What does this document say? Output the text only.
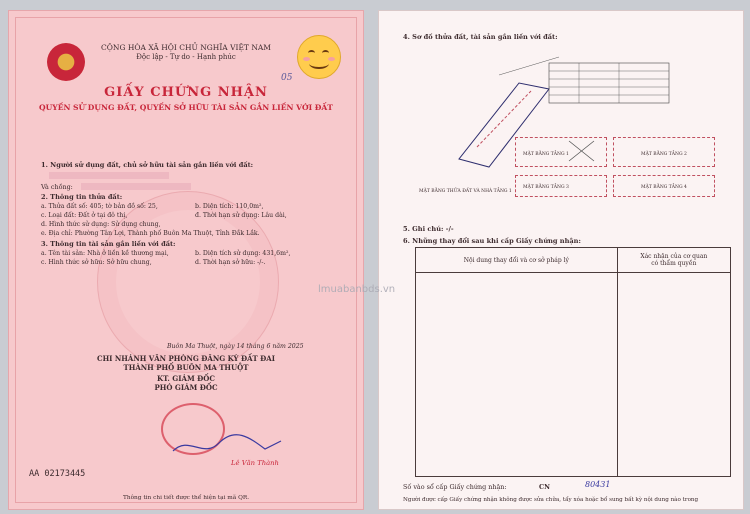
CỘNG HÒA XÃ HỘI CHỦ NGHĨA VIỆT NAM
Độc lập - Tự do - Hạnh phúc
05
GIẤY CHỨNG NHẬN
QUYỀN SỬ DỤNG ĐẤT, QUYỀN SỞ HỮU TÀI SẢN GẮN LIỀN VỚI ĐẤT
1. Người sử dụng đất, chủ sở hữu tài sản gắn liền với đất:
Và chồng:
2. Thông tin thửa đất:
a. Thửa đất số: 405; tờ bản đồ số: 25,	b. Diện tích: 110,0m²,
c. Loại đất: Đất ở tại đô thị,	đ. Thời hạn sử dụng: Lâu dài,
d. Hình thức sử dụng: Sử dụng chung,
e. Địa chỉ: Phường Tân Lợi, Thành phố Buôn Ma Thuột, Tỉnh Đắk Lắk.
3. Thông tin tài sản gắn liền với đất:
a. Tên tài sản: Nhà ở liền kề thương mại,	b. Diện tích sử dụng: 431,6m²,
c. Hình thức sở hữu: Sở hữu chung,	d. Thời hạn sở hữu: -/-.
Buôn Ma Thuột, ngày 14 tháng 6 năm 2025
CHI NHÁNH VĂN PHÒNG ĐĂNG KÝ ĐẤT ĐAI
THÀNH PHỐ BUÔN MA THUỘT
KT. GIÁM ĐỐC
PHÓ GIÁM ĐỐC
Lê Văn Thành
AA 02173445
Thông tin chi tiết được thể hiện tại mã QR.
4. Sơ đồ thửa đất, tài sản gắn liền với đất:
MẶT BẰNG TẦNG 1	MẶT BẰNG TẦNG 2
MẶT BẰNG TẦNG 3	MẶT BẰNG TẦNG 4
MẶT BẰNG THỬA ĐẤT VÀ NHÀ TẦNG 1
5. Ghi chú: -/-
6. Những thay đổi sau khi cấp Giấy chứng nhận:
Nội dung thay đổi và cơ sở pháp lý	Xác nhận của cơ quan
có thẩm quyền

Số vào sổ cấp Giấy chứng nhận:	CN	80431
Người được cấp Giấy chứng nhận không được sửa chữa, tẩy xóa hoặc bổ sung bất kỳ nội dung nào trong
lmuabanbds.vn
